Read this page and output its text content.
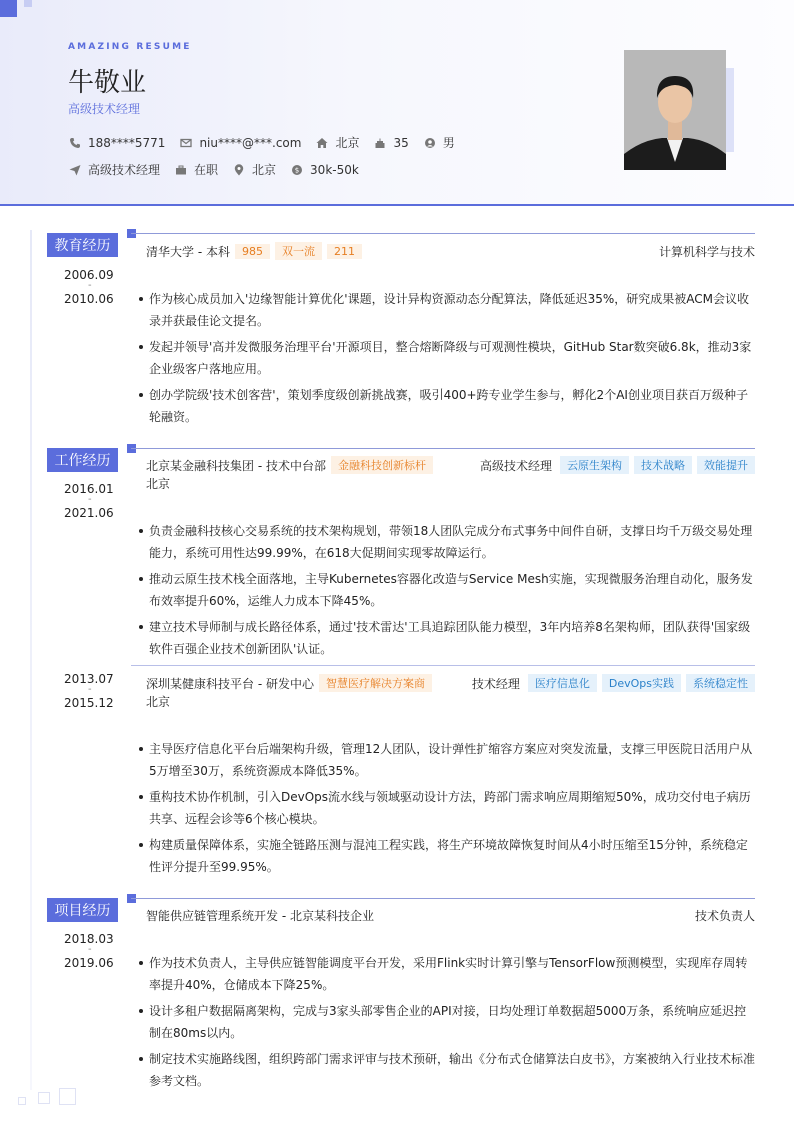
AMAZING RESUME
牛敬业
高级技术经理
188****5771	niu****@***.com	北京	35	男
高级技术经理	在职	北京	$ 30k-50k
教育经历
2006.09
-
2010.06
清华大学 - 本科	985	双一流	211	计算机科学与技术
作为核心成员加入'边缘智能计算优化'课题，设计异构资源动态分配算法，降低延迟35%，研究成果被ACM会议收录并获最佳论文提名。
发起并领导'高并发微服务治理平台'开源项目，整合熔断降级与可观测性模块，GitHub Star数突破6.8k，推动3家企业级客户落地应用。
创办学院级'技术创客营'，策划季度级创新挑战赛，吸引400+跨专业学生参与，孵化2个AI创业项目获百万级种子轮融资。
工作经历
2016.01
-
2021.06
北京某金融科技集团 - 技术中台部	金融科技创新标杆	高级技术经理	云原生架构	技术战略	效能提升
北京
负责金融科技核心交易系统的技术架构规划，带领18人团队完成分布式事务中间件自研，支撑日均千万级交易处理能力，系统可用性达99.99%，在618大促期间实现零故障运行。
推动云原生技术栈全面落地，主导Kubernetes容器化改造与Service Mesh实施，实现微服务治理自动化，服务发布效率提升60%，运维人力成本下降45%。
建立技术导师制与成长路径体系，通过'技术雷达'工具追踪团队能力模型，3年内培养8名架构师，团队获得'国家级软件百强企业技术创新团队'认证。
2013.07
-
2015.12
深圳某健康科技平台 - 研发中心	智慧医疗解决方案商	技术经理	医疗信息化	DevOps实践	系统稳定性
北京
主导医疗信息化平台后端架构升级，管理12人团队，设计弹性扩缩容方案应对突发流量，支撑三甲医院日活用户从5万增至30万，系统资源成本降低35%。
重构技术协作机制，引入DevOps流水线与领域驱动设计方法，跨部门需求响应周期缩短50%，成功交付电子病历共享、远程会诊等6个核心模块。
构建质量保障体系，实施全链路压测与混沌工程实践，将生产环境故障恢复时间从4小时压缩至15分钟，系统稳定性评分提升至99.95%。
项目经历
2018.03
-
2019.06
智能供应链管理系统开发 - 北京某科技企业	技术负责人
作为技术负责人，主导供应链智能调度平台开发，采用Flink实时计算引擎与TensorFlow预测模型，实现库存周转率提升40%，仓储成本下降25%。
设计多租户数据隔离架构，完成与3家头部零售企业的API对接，日均处理订单数据超5000万条，系统响应延迟控制在80ms以内。
制定技术实施路线图，组织跨部门需求评审与技术预研，输出《分布式仓储算法白皮书》，方案被纳入行业技术标准参考文档。
